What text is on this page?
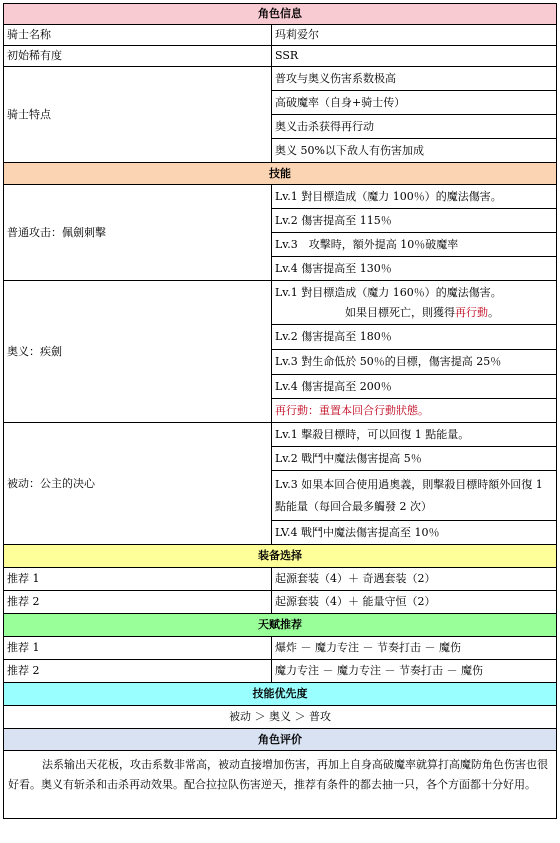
角色信息	
骑士名称	玛莉爱尔
初始稀有度	SSR
骑士特点	普攻与奥义伤害系数极高
	高破魔率（自身+骑士传）
	奥义击杀获得再行动
	奥义 50%以下敌人有伤害加成
技能	
普通攻击：佩劍刺擊	Lv.1 對目標造成（魔力 100％）的魔法傷害。
	Lv.2 傷害提高至 115％
	Lv.3　攻擊時，額外提高 10％破魔率
	Lv.4 傷害提高至 130％
奥义：疾劍	Lv.1 對目標造成（魔力 160％）的魔法傷害。
如果目標死亡，則獲得再行動。

	Lv.2 傷害提高至 180％
	Lv.3 對生命低於 50％的目標，傷害提高 25％
	Lv.4 傷害提高至 200％
	再行動：重置本回合行動狀態。
被动：公主的决心	Lv.1 擊殺目標時，可以回復 1 點能量。
	Lv.2 戰鬥中魔法傷害提高 5％
	Lv.3 如果本回合使用過奧義，則擊殺目標時額外回復 1 點能量（每回合最多觸發 2 次）
	LV.4 戰鬥中魔法傷害提高至 10％
装备选择	
推荐 1	起源套装（4）＋ 奇遇套装（2）
推荐 2	起源套装（4）＋ 能量守恒（2）
天赋推荐	
推荐 1	爆炸 － 魔力专注 － 节奏打击 － 魔伤
推荐 2	魔力专注 － 魔力专注 － 节奏打击 － 魔伤
技能优先度	
被动 ＞ 奥义 ＞ 普攻	
角色评价	
法系输出天花板，攻击系数非常高，被动直接增加伤害，再加上自身高破魔率就算打高魔防角色伤害也很好看。奥义有斩杀和击杀再动效果。配合拉拉队伤害逆天，推荐有条件的都去抽一只，各个方面都十分好用。	
